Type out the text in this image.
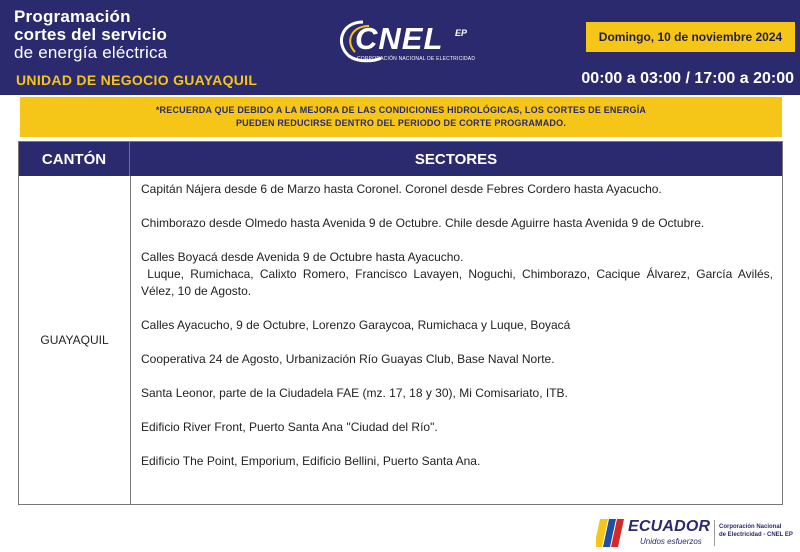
Programación
cortes del servicio
de energía eléctrica
UNIDAD DE NEGOCIO GUAYAQUIL
CNEL EP
CORPORACIÓN NACIONAL DE ELECTRICIDAD
Domingo, 10 de noviembre 2024
00:00 a 03:00 / 17:00 a 20:00
*RECUERDA QUE DEBIDO A LA MEJORA DE LAS CONDICIONES HIDROLÓGICAS, LOS CORTES DE ENERGÍA
PUEDEN REDUCIRSE DENTRO DEL PERIODO DE CORTE PROGRAMADO.
CANTÓN	SECTORES
GUAYAQUIL

Capitán Nájera desde 6 de Marzo hasta Coronel. Coronel desde Febres Cordero hasta Ayacucho.

Chimborazo desde Olmedo hasta Avenida 9 de Octubre. Chile desde Aguirre hasta Avenida 9 de Octubre.

Calles Boyacá desde Avenida 9 de Octubre hasta Ayacucho.

Luque, Rumichaca, Calixto Romero, Francisco Lavayen, Noguchi, Chimborazo, Cacique Álvarez, García Avilés,  Vélez, 10 de Agosto.

Calles Ayacucho, 9 de Octubre, Lorenzo Garaycoa, Rumichaca y Luque, Boyacá

Cooperativa 24 de Agosto, Urbanización Río Guayas Club, Base Naval Norte.

Santa Leonor, parte de la Ciudadela FAE (mz. 17, 18 y 30), Mi Comisariato, ITB.

Edificio River Front, Puerto Santa Ana "Ciudad del Río".

Edificio The Point, Emporium, Edificio Bellini, Puerto Santa Ana.

ECUADOR
Unidos esfuerzos
Corporación Nacional
de Electricidad - CNEL EP
